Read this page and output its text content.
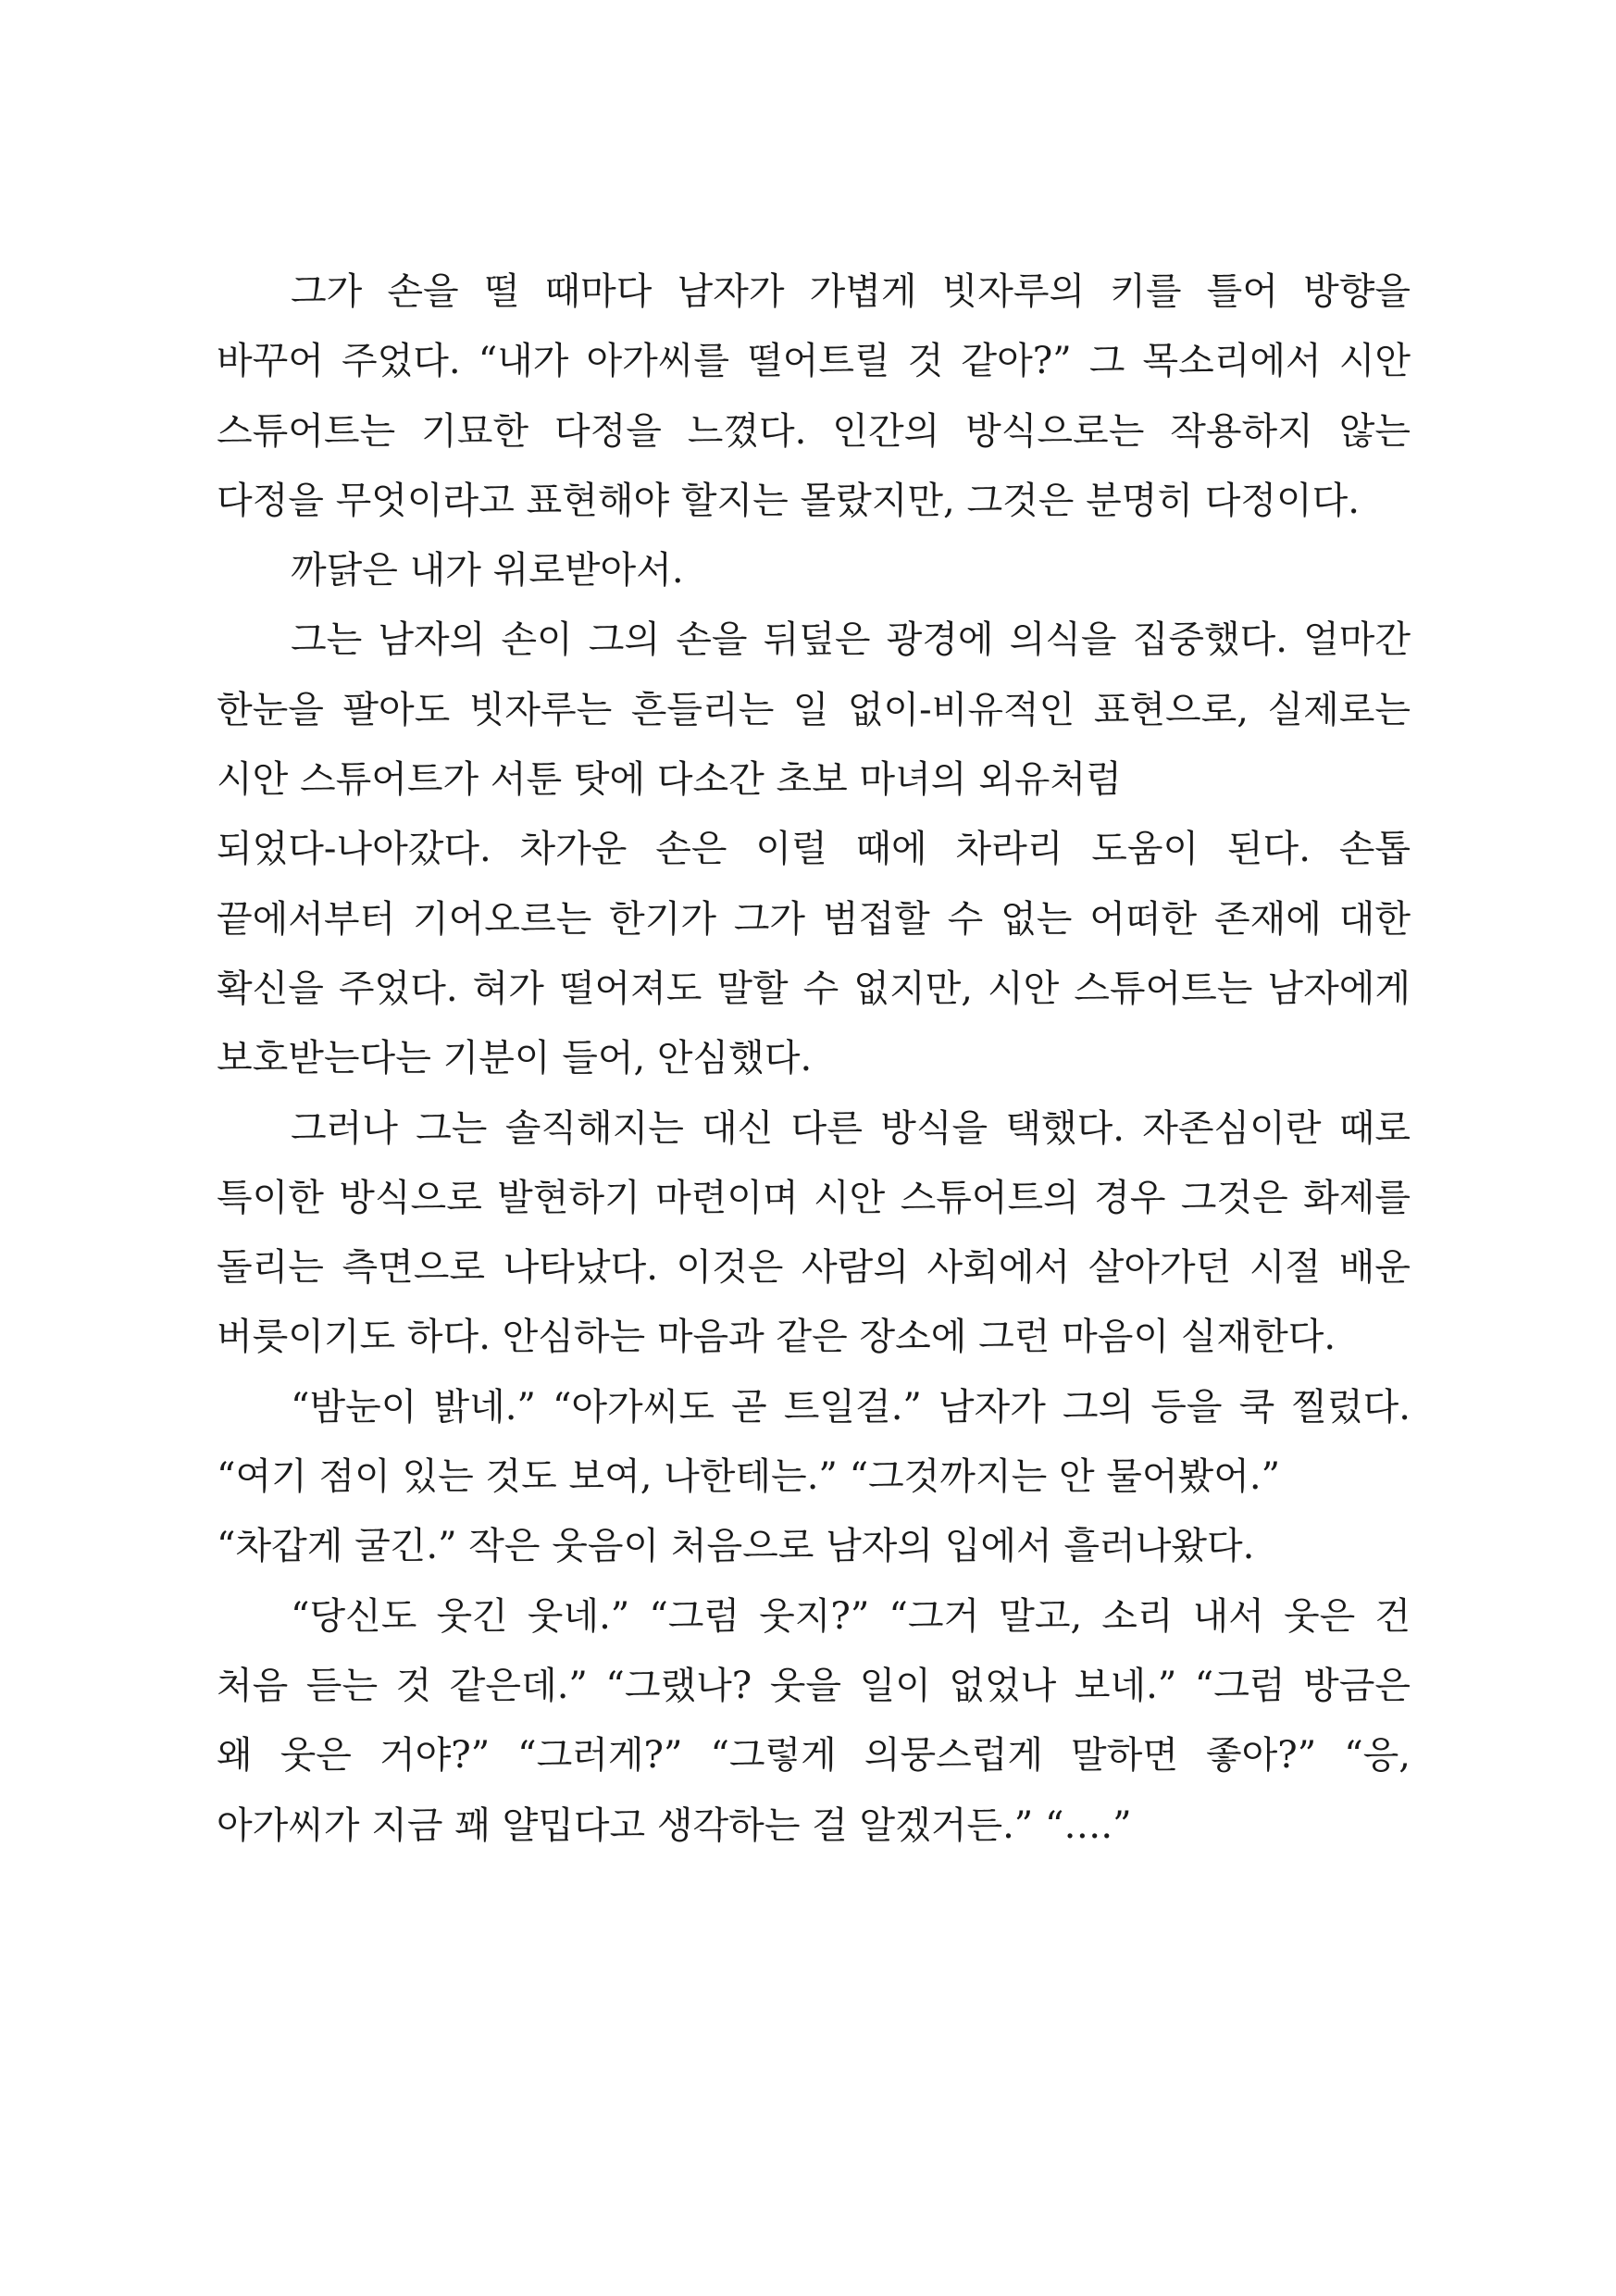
그가 손을 떨 때마다 남자가 가볍게 빗자루의 키를 틀어 방향을
바꾸어 주었다. “내가 아가씨를 떨어트릴 것 같아?” 그 목소리에서 시안
스튜어트는 기묘한 다정을 느꼈다. 인간의 방식으로는 작용하지 않는
다정을 무엇이라고 표현해야 할지는 몰랐지만, 그것은 분명히 다정이다.
까닭은 내가 위로받아서.
그는 남자의 손이 그의 손을 뒤덮은 광경에 의식을 집중했다. 얼마간
한눈을 팔아도 빗자루는 흔들리는 일 없이-비유적인 표현으로, 실제로는
시안 스튜어트가 서툰 탓에 다소간 초보 마녀의 외유처럼
되었다-나아갔다. 차가운 손은 이럴 때에 차라리 도움이 된다. 손톱
끝에서부터 기어오르는 한기가 그가 범접할 수 없는 어떠한 존재에 대한
확신을 주었다. 혀가 떨어져도 말할 수 없지만, 시안 스튜어트는 남자에게
보호받는다는 기분이 들어, 안심했다.
그러나 그는 솔직해지는 대신 다른 방식을 택했다. 자존심이란 때로
특이한 방식으로 발현하기 마련이며 시안 스튜어트의 경우 그것은 화제를
돌리는 측면으로 나타났다. 이것은 사람의 사회에서 살아가던 시절 배운
버릇이기도 하다. 안심하는 마음과 같은 장소에 그런 마음이 실재한다.
“밤눈이 밝네.” “아가씨도 곧 트일걸.” 남자가 그의 등을 쿡 찔렀다.
“여기 점이 있는 것도 보여, 나한테는.” “그것까지는 안 물어봤어.”
“차갑게 굴긴.” 작은 웃음이 처음으로 남자의 입에서 흘러나왔다.
“당신도 웃긴 웃네.” “그럼 웃지?” “그거 말고, 소리 내서 웃은 건
처음 듣는 것 같은데.” “그랬나? 웃을 일이 없었나 보네.” “그럼 방금은
왜 웃은 거야?” “그러게?” “그렇게 의뭉스럽게 말하면 좋아?” “응,
아가씨가 지금 꽤 얄밉다고 생각하는 걸 알겠거든.” “….”
